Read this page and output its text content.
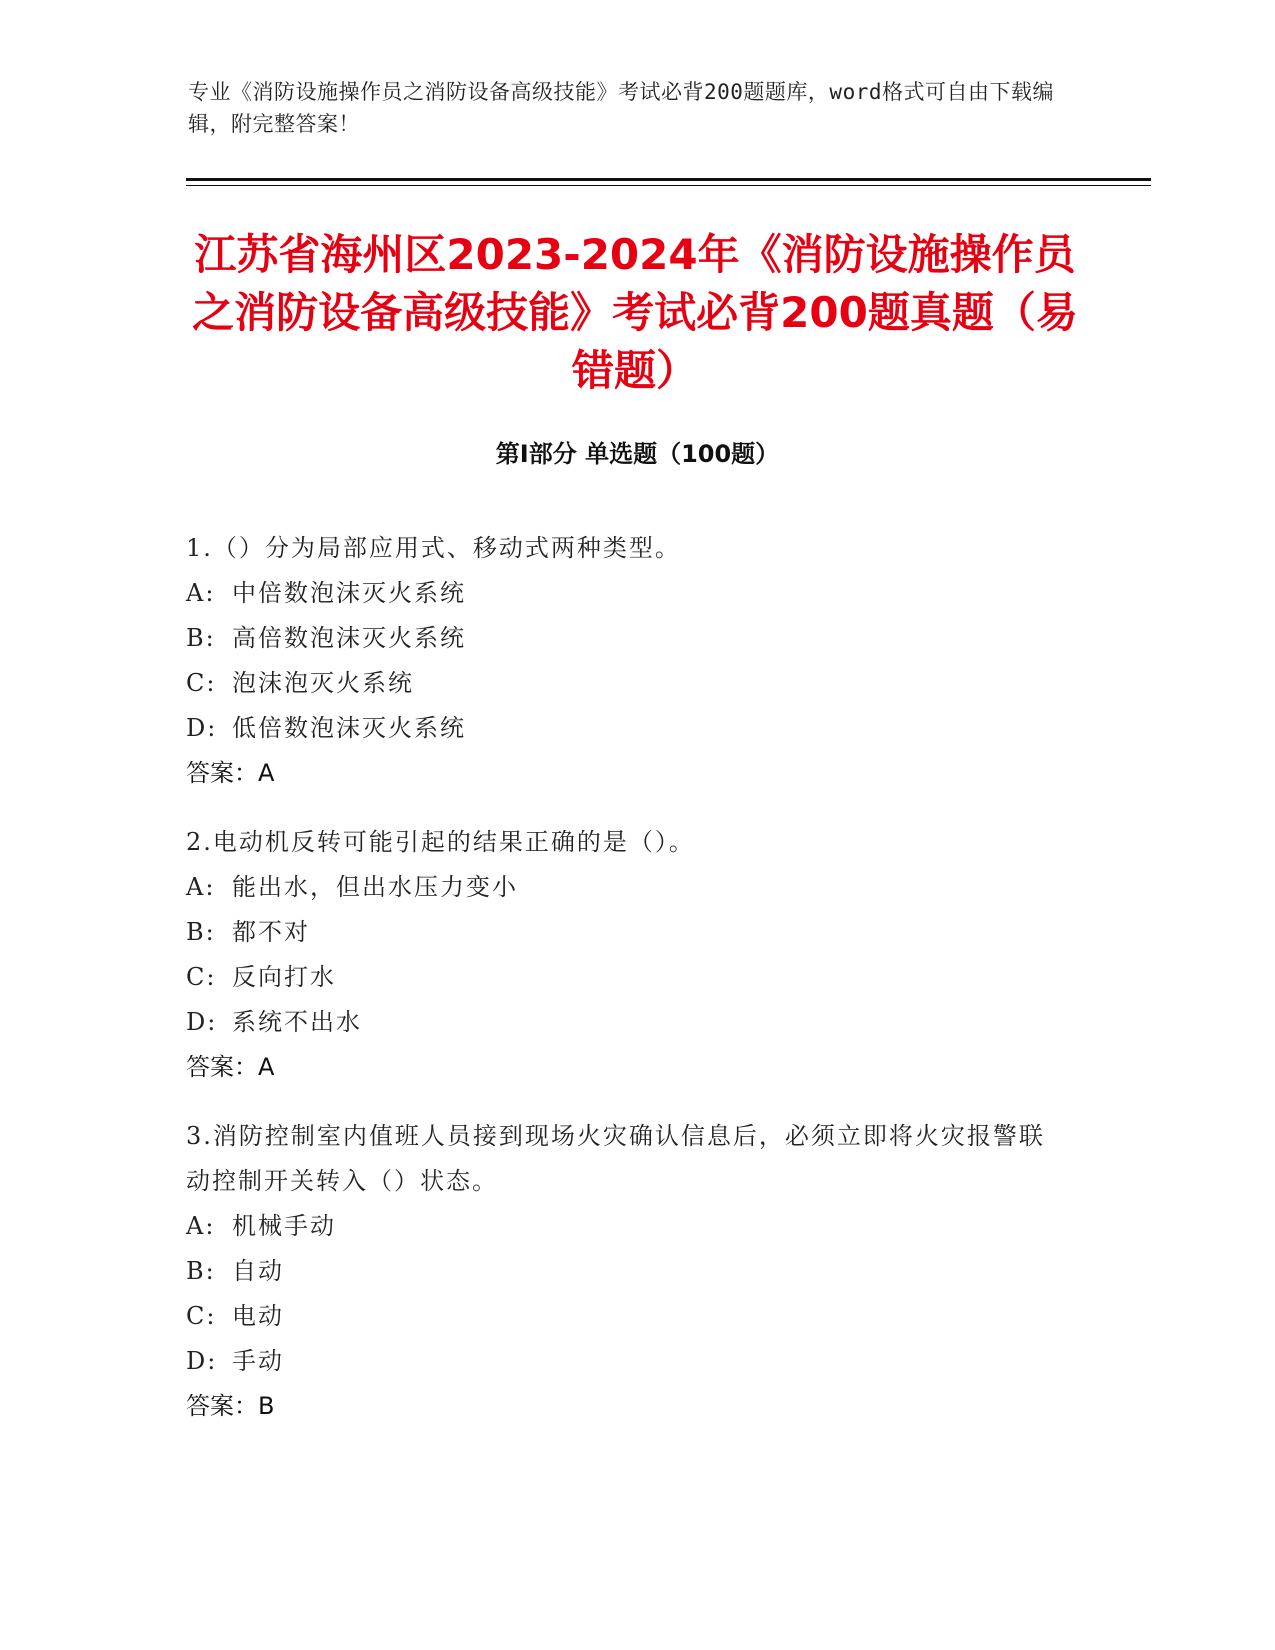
专业《消防设施操作员之消防设备高级技能》考试必背200题题库，word格式可自由下载编辑，附完整答案！
江苏省海州区2023-2024年《消防设施操作员之消防设备高级技能》考试必背200题真题（易错题）
第I部分 单选题（100题）
1.（）分为局部应用式、移动式两种类型。
A: 中倍数泡沫灭火系统
B: 高倍数泡沫灭火系统
C: 泡沫泡灭火系统
D: 低倍数泡沫灭火系统
答案：A
2.电动机反转可能引起的结果正确的是（）。
A: 能出水，但出水压力变小
B: 都不对
C: 反向打水
D: 系统不出水
答案：A
3.消防控制室内值班人员接到现场火灾确认信息后，必须立即将火灾报警联动控制开关转入（）状态。
A: 机械手动
B: 自动
C: 电动
D: 手动
答案：B
